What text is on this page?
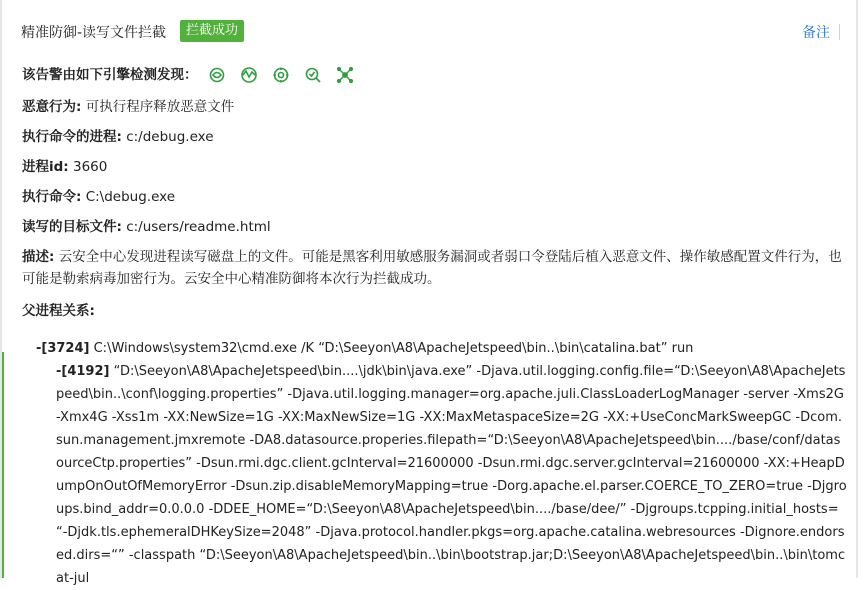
精准防御-读写文件拦截	拦截成功	备注
该告警由如下引擎检测发现：
恶意行为: 可执行程序释放恶意文件
执行命令的进程: c:/debug.exe
进程id: 3660
执行命令: C:\debug.exe
读写的目标文件: c:/users/readme.html
描述: 云安全中心发现进程读写磁盘上的文件。可能是黑客利用敏感服务漏洞或者弱口令登陆后植入恶意文件、操作敏感配置文件行为，也可能是勒索病毒加密行为。云安全中心精准防御将本次行为拦截成功。
父进程关系:
-[3724] C:\Windows\system32\cmd.exe /K “D:\Seeyon\A8\ApacheJetspeed\bin..\bin\catalina.bat” run
-[4192] “D:\Seeyon\A8\ApacheJetspeed\bin....\jdk\bin\java.exe” -Djava.util.logging.config.file=“D:\Seeyon\A8\ApacheJetspeed\bin..\conf\logging.properties” -Djava.util.logging.manager=org.apache.juli.ClassLoaderLogManager -server -Xms2G -Xmx4G -Xss1m -XX:NewSize=1G -XX:MaxNewSize=1G -XX:MaxMetaspaceSize=2G -XX:+UseConcMarkSweepGC -Dcom.sun.management.jmxremote -DA8.datasource.properies.filepath=“D:\Seeyon\A8\ApacheJetspeed\bin..../base/conf/datasourceCtp.properties” -Dsun.rmi.dgc.client.gcInterval=21600000 -Dsun.rmi.dgc.server.gcInterval=21600000 -XX:+HeapDumpOnOutOfMemoryError -Dsun.zip.disableMemoryMapping=true -Dorg.apache.el.parser.COERCE_TO_ZERO=true -Djgroups.bind_addr=0.0.0.0 -DDEE_HOME=“D:\Seeyon\A8\ApacheJetspeed\bin..../base/dee/” -Djgroups.tcpping.initial_hosts= “-Djdk.tls.ephemeralDHKeySize=2048” -Djava.protocol.handler.pkgs=org.apache.catalina.webresources -Dignore.endorsed.dirs=“” -classpath “D:\Seeyon\A8\ApacheJetspeed\bin..\bin\bootstrap.jar;D:\Seeyon\A8\ApacheJetspeed\bin..\bin\tomcat-jul
